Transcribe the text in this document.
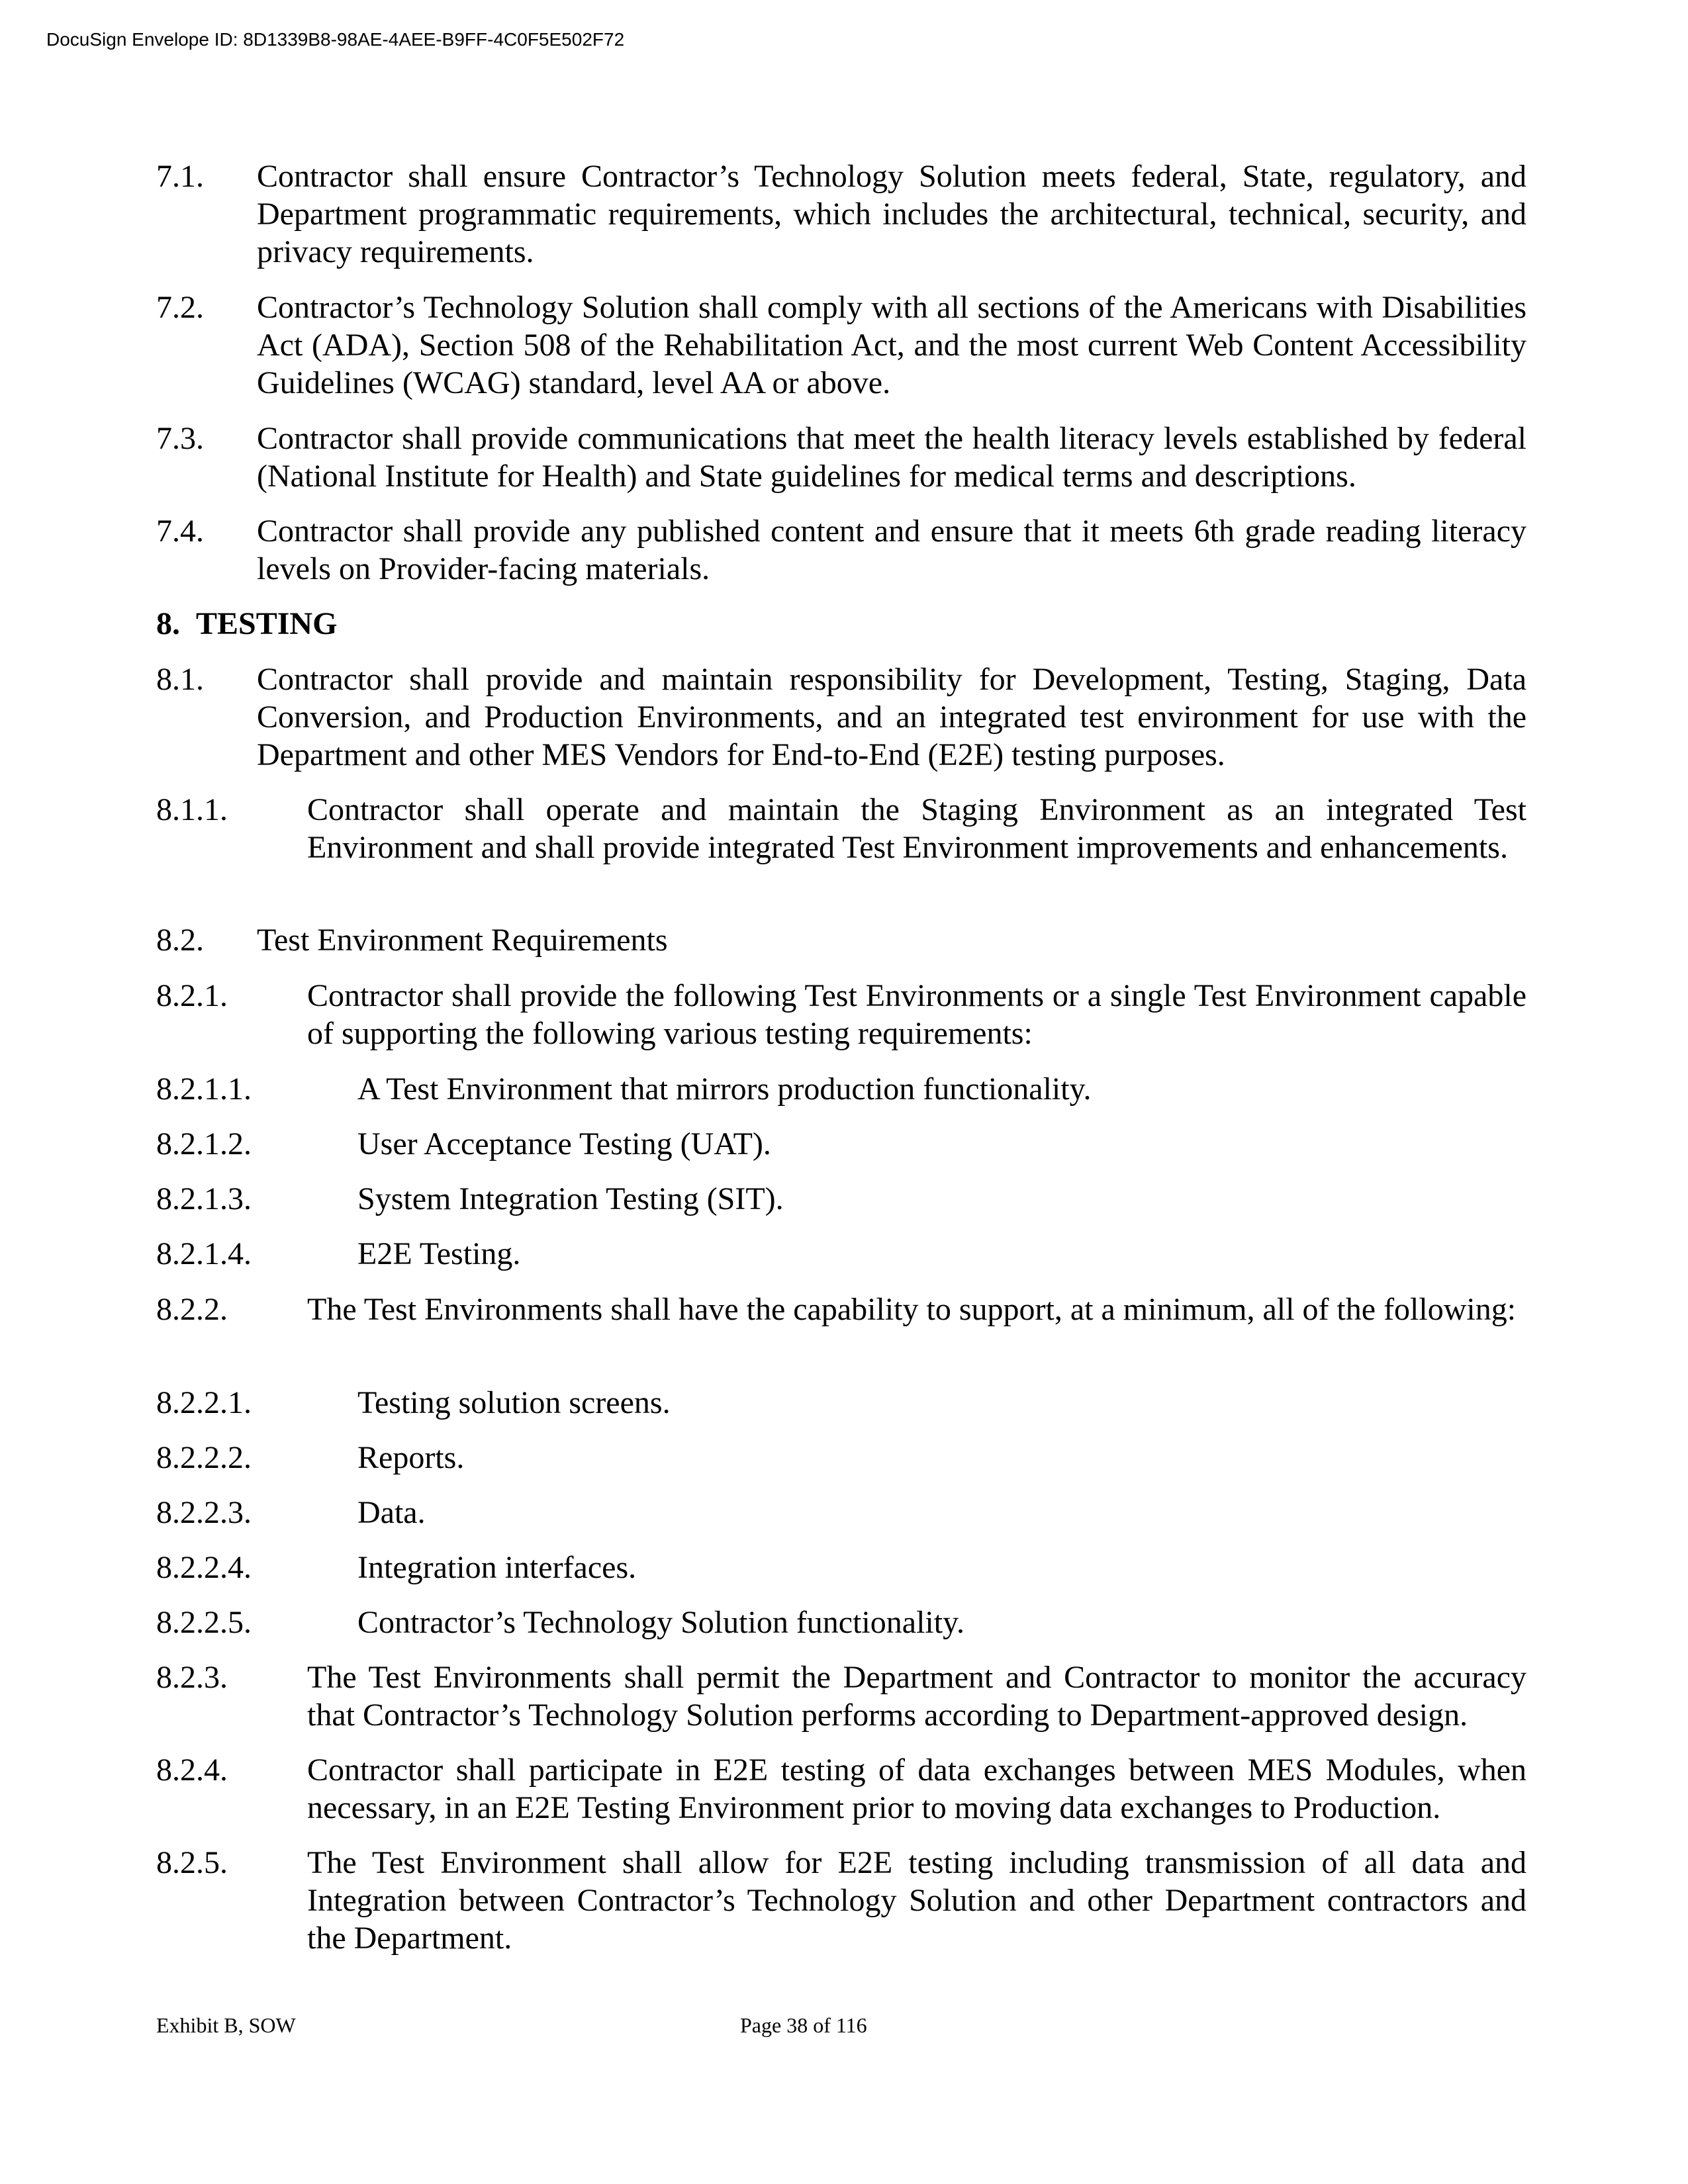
DocuSign Envelope ID: 8D1339B8-98AE-4AEE-B9FF-4C0F5E502F72
7.1. Contractor shall ensure Contractor’s Technology Solution meets federal, State, regulatory, and Department programmatic requirements, which includes the architectural, technical, security, and privacy requirements.
7.2. Contractor’s Technology Solution shall comply with all sections of the Americans with Disabilities Act (ADA), Section 508 of the Rehabilitation Act, and the most current Web Content Accessibility Guidelines (WCAG) standard, level AA or above.
7.3. Contractor shall provide communications that meet the health literacy levels established by federal (National Institute for Health) and State guidelines for medical terms and descriptions.
7.4. Contractor shall provide any published content and ensure that it meets 6th grade reading literacy levels on Provider-facing materials.
8. TESTING
8.1. Contractor shall provide and maintain responsibility for Development, Testing, Staging, Data Conversion, and Production Environments, and an integrated test environment for use with the Department and other MES Vendors for End-to-End (E2E) testing purposes.
8.1.1.	Contractor shall operate and maintain the Staging Environment as an integrated Test Environment and shall provide integrated Test Environment improvements and enhancements.
8.2. Test Environment Requirements
8.2.1.	Contractor shall provide the following Test Environments or a single Test Environment capable of supporting the following various testing requirements:
8.2.1.1.	A Test Environment that mirrors production functionality.
8.2.1.2.	User Acceptance Testing (UAT).
8.2.1.3.	System Integration Testing (SIT).
8.2.1.4.	E2E Testing.
8.2.2.	The Test Environments shall have the capability to support, at a minimum, all of the following:
8.2.2.1.	Testing solution screens.
8.2.2.2.	Reports.
8.2.2.3.	Data.
8.2.2.4.	Integration interfaces.
8.2.2.5.	Contractor’s Technology Solution functionality.
8.2.3.	The Test Environments shall permit the Department and Contractor to monitor the accuracy that Contractor’s Technology Solution performs according to Department-approved design.
8.2.4.	Contractor shall participate in E2E testing of data exchanges between MES Modules, when necessary, in an E2E Testing Environment prior to moving data exchanges to Production.
8.2.5.	The Test Environment shall allow for E2E testing including transmission of all data and Integration between Contractor’s Technology Solution and other Department contractors and the Department.
Exhibit B, SOW	Page 38 of 116
